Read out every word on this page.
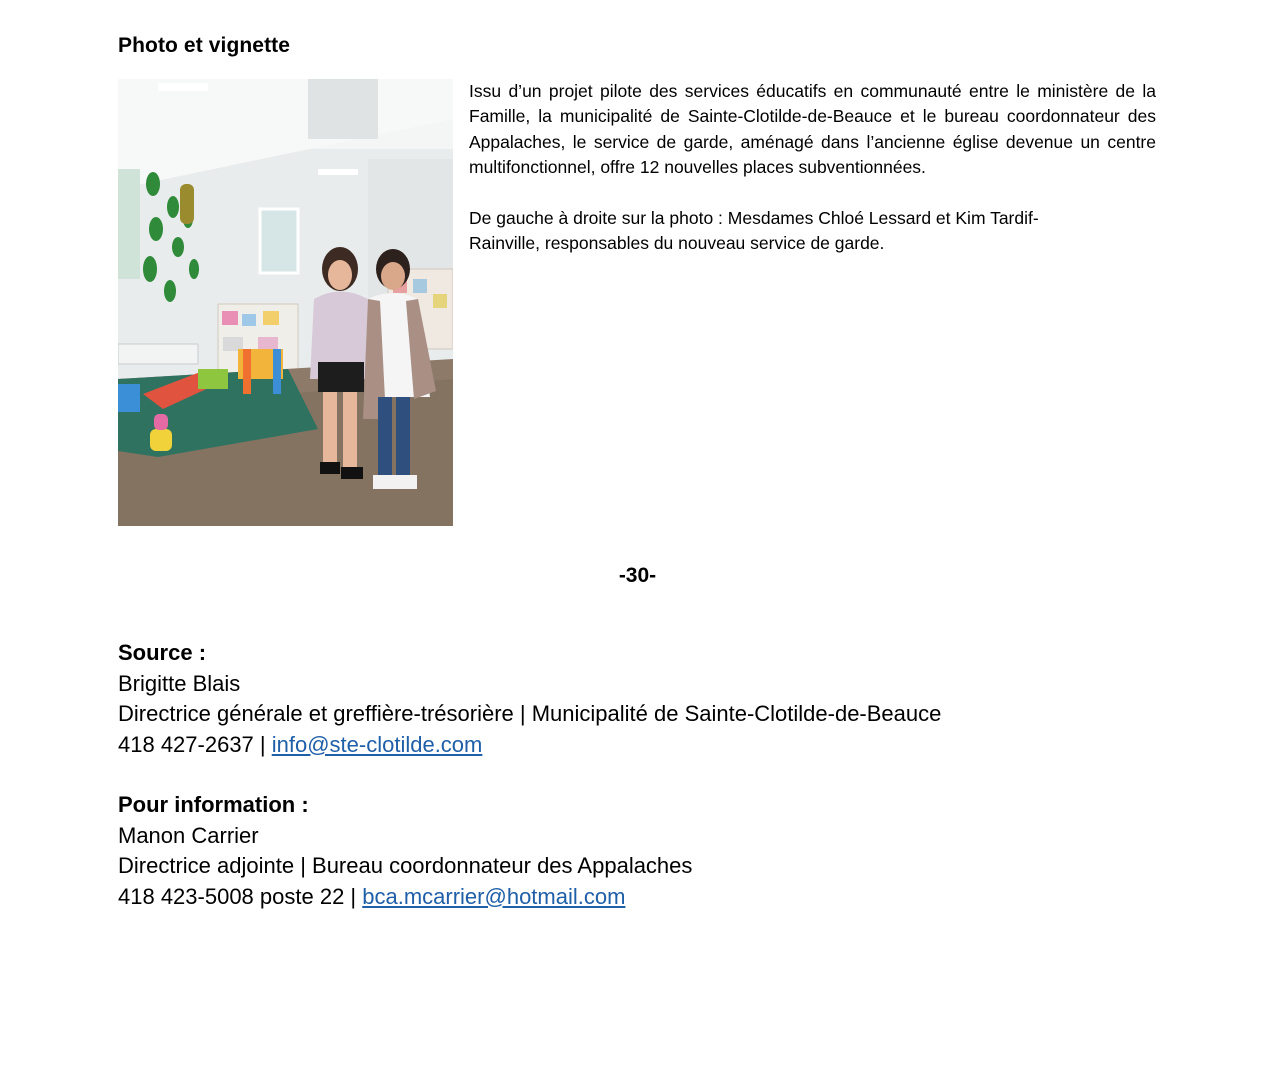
Photo et vignette

Issu d’un projet pilote des services éducatifs en communauté entre le ministère de la Famille, la municipalité de Sainte-Clotilde-de-Beauce et le bureau coordonnateur des Appalaches, le service de garde, aménagé dans l’ancienne église devenue un centre multifonctionnel, offre 12 nouvelles places subventionnées.

De gauche à droite sur la photo : Mesdames Chloé Lessard et Kim Tardif-Rainville, responsables du nouveau service de garde.

-30-
Source :
Brigitte Blais
Directrice générale et greffière-trésorière | Municipalité de Sainte-Clotilde-de-Beauce
418 427-2637 | info@ste-clotilde.com
Pour information :
Manon Carrier
Directrice adjointe | Bureau coordonnateur des Appalaches
418 423-5008 poste 22 | bca.mcarrier@hotmail.com
